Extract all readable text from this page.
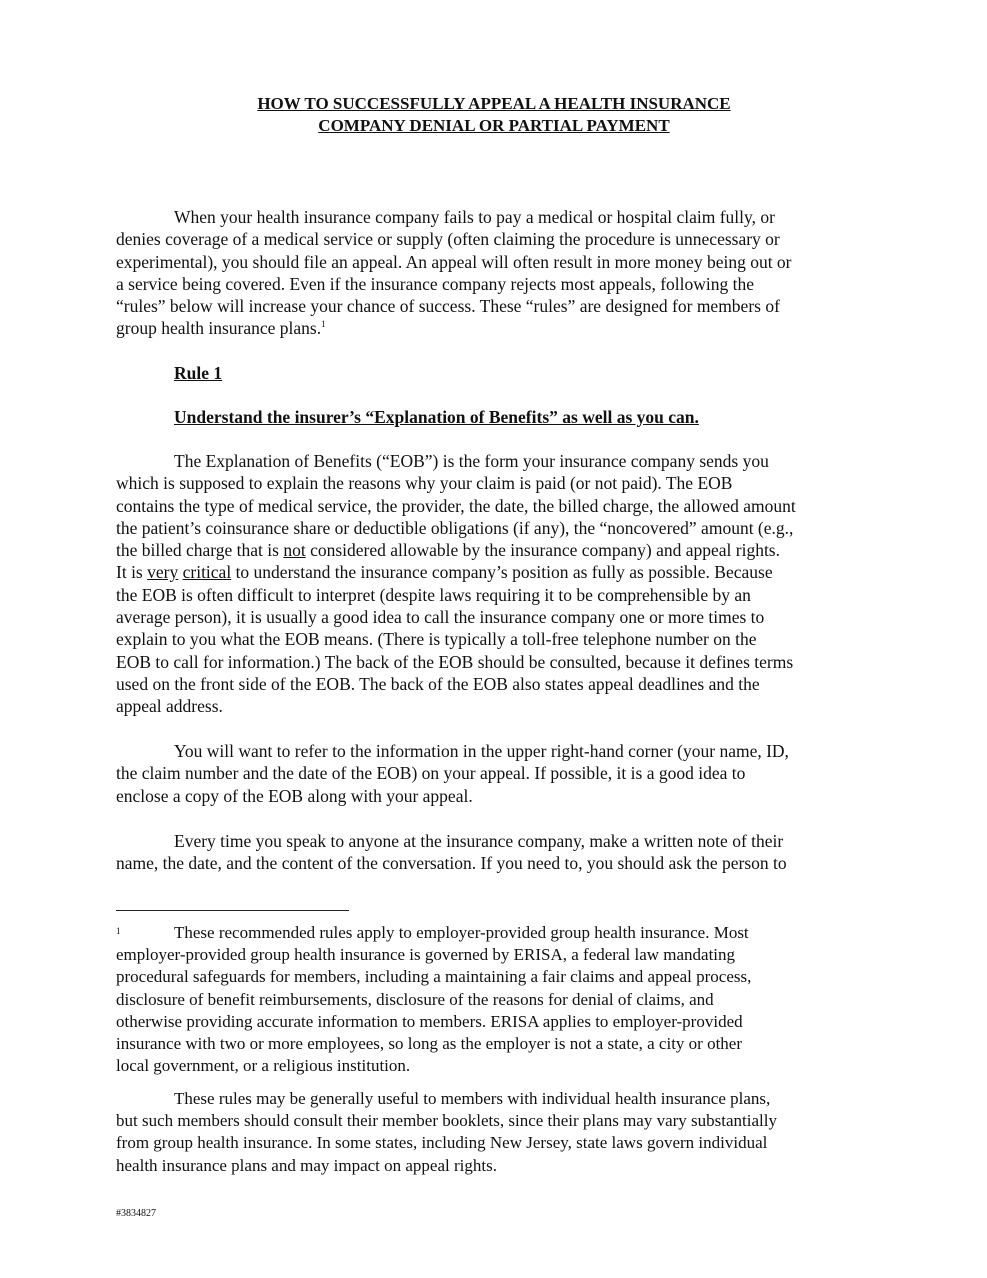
HOW TO SUCCESSFULLY APPEAL A HEALTH INSURANCE
COMPANY DENIAL OR PARTIAL PAYMENT

When your health insurance company fails to pay a medical or hospital claim fully, or
denies coverage of a medical service or supply (often claiming the procedure is unnecessary or
experimental), you should file an appeal. An appeal will often result in more money being out or
a service being covered. Even if the insurance company rejects most appeals, following the
“rules” below will increase your chance of success. These “rules” are designed for members of
group health insurance plans.$^1$

Rule 1
Understand the insurer’s “Explanation of Benefits” as well as you can.

The Explanation of Benefits (“EOB”) is the form your insurance company sends you
which is supposed to explain the reasons why your claim is paid (or not paid). The EOB
contains the type of medical service, the provider, the date, the billed charge, the allowed amount
the patient’s coinsurance share or deductible obligations (if any), the “noncovered” amount (e.g.,
the billed charge that is not considered allowable by the insurance company) and appeal rights.
It is very critical to understand the insurance company’s position as fully as possible. Because
the EOB is often difficult to interpret (despite laws requiring it to be comprehensible by an
average person), it is usually a good idea to call the insurance company one or more times to
explain to you what the EOB means. (There is typically a toll-free telephone number on the
EOB to call for information.) The back of the EOB should be consulted, because it defines terms
used on the front side of the EOB. The back of the EOB also states appeal deadlines and the
appeal address.

You will want to refer to the information in the upper right-hand corner (your name, ID,
the claim number and the date of the EOB) on your appeal. If possible, it is a good idea to
enclose a copy of the EOB along with your appeal.

Every time you speak to anyone at the insurance company, make a written note of their
name, the date, and the content of the conversation. If you need to, you should ask the person to

1	These recommended rules apply to employer-provided group health insurance. Most
employer-provided group health insurance is governed by ERISA, a federal law mandating
procedural safeguards for members, including a maintaining a fair claims and appeal process,
disclosure of benefit reimbursements, disclosure of the reasons for denial of claims, and
otherwise providing accurate information to members. ERISA applies to employer-provided
insurance with two or more employees, so long as the employer is not a state, a city or other
local government, or a religious institution.

These rules may be generally useful to members with individual health insurance plans,
but such members should consult their member booklets, since their plans may vary substantially
from group health insurance. In some states, including New Jersey, state laws govern individual
health insurance plans and may impact on appeal rights.

#3834827
